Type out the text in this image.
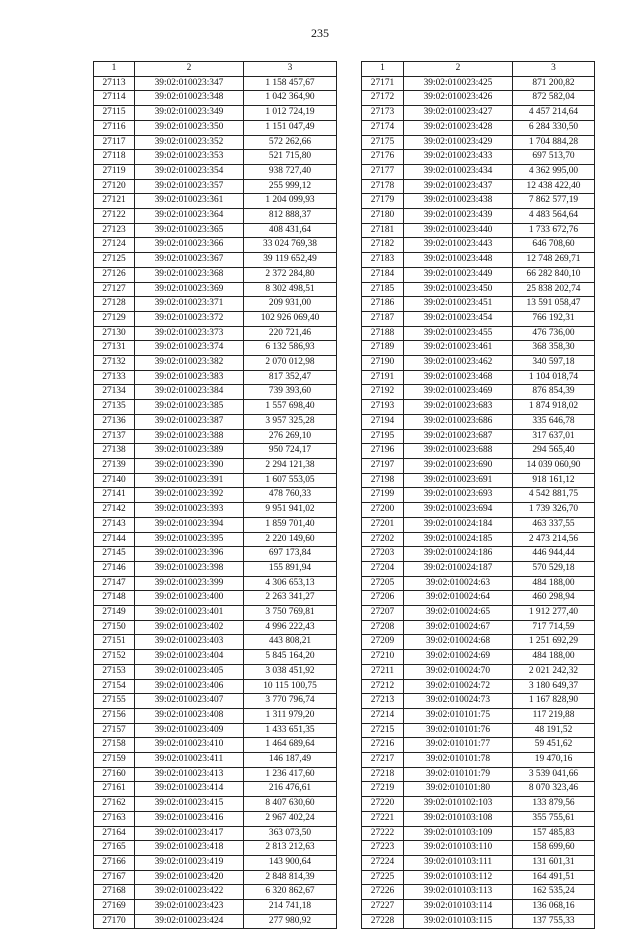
235
1	2	3
27113	39:02:010023:347	1 158 457,67
27114	39:02:010023:348	1 042 364,90
27115	39:02:010023:349	1 012 724,19
27116	39:02:010023:350	1 151 047,49
27117	39:02:010023:352	572 262,66
27118	39:02:010023:353	521 715,80
27119	39:02:010023:354	938 727,40
27120	39:02:010023:357	255 999,12
27121	39:02:010023:361	1 204 099,93
27122	39:02:010023:364	812 888,37
27123	39:02:010023:365	408 431,64
27124	39:02:010023:366	33 024 769,38
27125	39:02:010023:367	39 119 652,49
27126	39:02:010023:368	2 372 284,80
27127	39:02:010023:369	8 302 498,51
27128	39:02:010023:371	209 931,00
27129	39:02:010023:372	102 926 069,40
27130	39:02:010023:373	220 721,46
27131	39:02:010023:374	6 132 586,93
27132	39:02:010023:382	2 070 012,98
27133	39:02:010023:383	817 352,47
27134	39:02:010023:384	739 393,60
27135	39:02:010023:385	1 557 698,40
27136	39:02:010023:387	3 957 325,28
27137	39:02:010023:388	276 269,10
27138	39:02:010023:389	950 724,17
27139	39:02:010023:390	2 294 121,38
27140	39:02:010023:391	1 607 553,05
27141	39:02:010023:392	478 760,33
27142	39:02:010023:393	9 951 941,02
27143	39:02:010023:394	1 859 701,40
27144	39:02:010023:395	2 220 149,60
27145	39:02:010023:396	697 173,84
27146	39:02:010023:398	155 891,94
27147	39:02:010023:399	4 306 653,13
27148	39:02:010023:400	2 263 341,27
27149	39:02:010023:401	3 750 769,81
27150	39:02:010023:402	4 996 222,43
27151	39:02:010023:403	443 808,21
27152	39:02:010023:404	5 845 164,20
27153	39:02:010023:405	3 038 451,92
27154	39:02:010023:406	10 115 100,75
27155	39:02:010023:407	3 770 796,74
27156	39:02:010023:408	1 311 979,20
27157	39:02:010023:409	1 433 651,35
27158	39:02:010023:410	1 464 689,64
27159	39:02:010023:411	146 187,49
27160	39:02:010023:413	1 236 417,60
27161	39:02:010023:414	216 476,61
27162	39:02:010023:415	8 407 630,60
27163	39:02:010023:416	2 967 402,24
27164	39:02:010023:417	363 073,50
27165	39:02:010023:418	2 813 212,63
27166	39:02:010023:419	143 900,64
27167	39:02:010023:420	2 848 814,39
27168	39:02:010023:422	6 320 862,67
27169	39:02:010023:423	214 741,18
27170	39:02:010023:424	277 980,92
1	2	3
27171	39:02:010023:425	871 200,82
27172	39:02:010023:426	872 582,04
27173	39:02:010023:427	4 457 214,64
27174	39:02:010023:428	6 284 330,50
27175	39:02:010023:429	1 704 884,28
27176	39:02:010023:433	697 513,70
27177	39:02:010023:434	4 362 995,00
27178	39:02:010023:437	12 438 422,40
27179	39:02:010023:438	7 862 577,19
27180	39:02:010023:439	4 483 564,64
27181	39:02:010023:440	1 733 672,76
27182	39:02:010023:443	646 708,60
27183	39:02:010023:448	12 748 269,71
27184	39:02:010023:449	66 282 840,10
27185	39:02:010023:450	25 838 202,74
27186	39:02:010023:451	13 591 058,47
27187	39:02:010023:454	766 192,31
27188	39:02:010023:455	476 736,00
27189	39:02:010023:461	368 358,30
27190	39:02:010023:462	340 597,18
27191	39:02:010023:468	1 104 018,74
27192	39:02:010023:469	876 854,39
27193	39:02:010023:683	1 874 918,02
27194	39:02:010023:686	335 646,78
27195	39:02:010023:687	317 637,01
27196	39:02:010023:688	294 565,40
27197	39:02:010023:690	14 039 060,90
27198	39:02:010023:691	918 161,12
27199	39:02:010023:693	4 542 881,75
27200	39:02:010023:694	1 739 326,70
27201	39:02:010024:184	463 337,55
27202	39:02:010024:185	2 473 214,56
27203	39:02:010024:186	446 944,44
27204	39:02:010024:187	570 529,18
27205	39:02:010024:63	484 188,00
27206	39:02:010024:64	460 298,94
27207	39:02:010024:65	1 912 277,40
27208	39:02:010024:67	717 714,59
27209	39:02:010024:68	1 251 692,29
27210	39:02:010024:69	484 188,00
27211	39:02:010024:70	2 021 242,32
27212	39:02:010024:72	3 180 649,37
27213	39:02:010024:73	1 167 828,90
27214	39:02:010101:75	117 219,88
27215	39:02:010101:76	48 191,52
27216	39:02:010101:77	59 451,62
27217	39:02:010101:78	19 470,16
27218	39:02:010101:79	3 539 041,66
27219	39:02:010101:80	8 070 323,46
27220	39:02:010102:103	133 879,56
27221	39:02:010103:108	355 755,61
27222	39:02:010103:109	157 485,83
27223	39:02:010103:110	158 699,60
27224	39:02:010103:111	131 601,31
27225	39:02:010103:112	164 491,51
27226	39:02:010103:113	162 535,24
27227	39:02:010103:114	136 068,16
27228	39:02:010103:115	137 755,33
